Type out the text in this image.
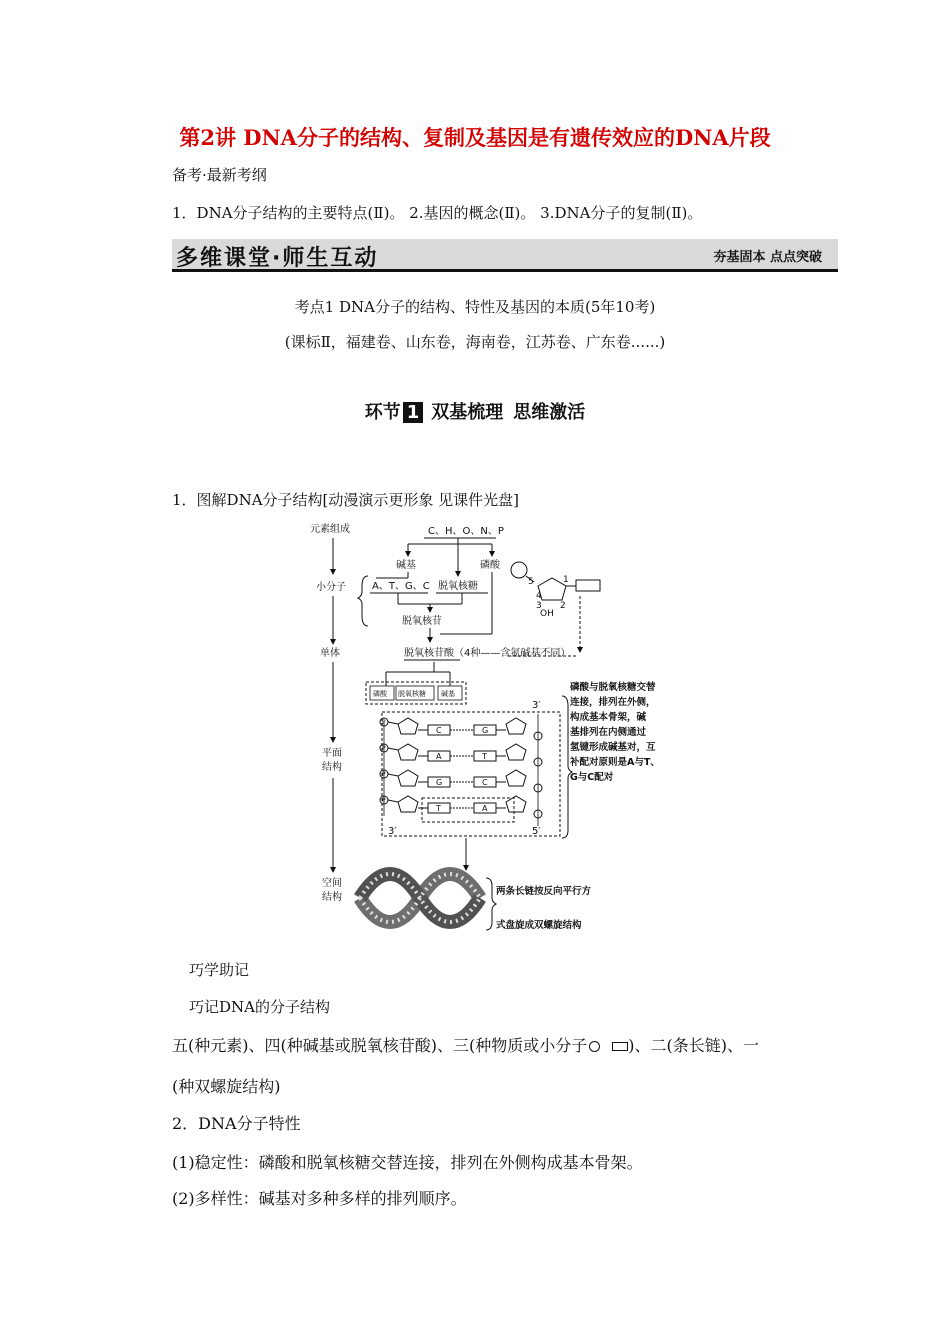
第2讲 DNA分子的结构、复制及基因是有遗传效应的DNA片段
备考·最新考纲
1．DNA分子结构的主要特点(Ⅱ)。 2.基因的概念(Ⅱ)。 3.DNA分子的复制(Ⅱ)。
多维课堂·师生互动	夯基固本 点点突破
考点1 DNA分子的结构、特性及基因的本质(5年10考)
(课标Ⅱ，福建卷、山东卷，海南卷，江苏卷、广东卷......)
环节 1 双基梳理 思维激活
1．图解DNA分子结构[动漫演示更形象 见课件光盘]
元素组成
小分子
单体
平面
结构
空间
结构
C、H、O、N、P
碱基	磷酸
A、T、G、C 脱氧核糖
脱氧核苷
脱氧核苷酸（4种——含氮碱基不同）
5
4
1
3 2
OH
磷酸 脱氧核糖 碱基
P
P
P
P
C	G
A	T
G	C
T	A
3′
5′
3′
磷酸与脱氧核糖交替
连接，排列在外侧，
构成基本骨架，碱
基排列在内侧通过
氢键形成碱基对，互
补配对原则是A与T、
G与C配对
两条长链按反向平行方
式盘旋成双螺旋结构
巧学助记
巧记DNA的分子结构
五(种元素)、四(种碱基或脱氧核苷酸)、三(种物质或小分子	)、二(条长链)、一
(种双螺旋结构)
2．DNA分子特性
(1)稳定性：磷酸和脱氧核糖交替连接，排列在外侧构成基本骨架。
(2)多样性：碱基对多种多样的排列顺序。
